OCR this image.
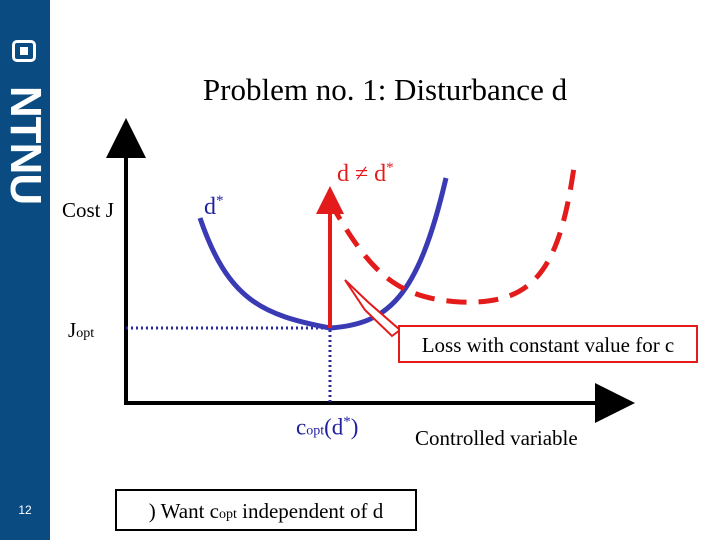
NTNU
12
Problem no. 1: Disturbance d
Cost J
Jopt
d*
d ≠ d*
copt(d*)	Controlled variable
Loss with constant value for c
) Want copt independent of d
